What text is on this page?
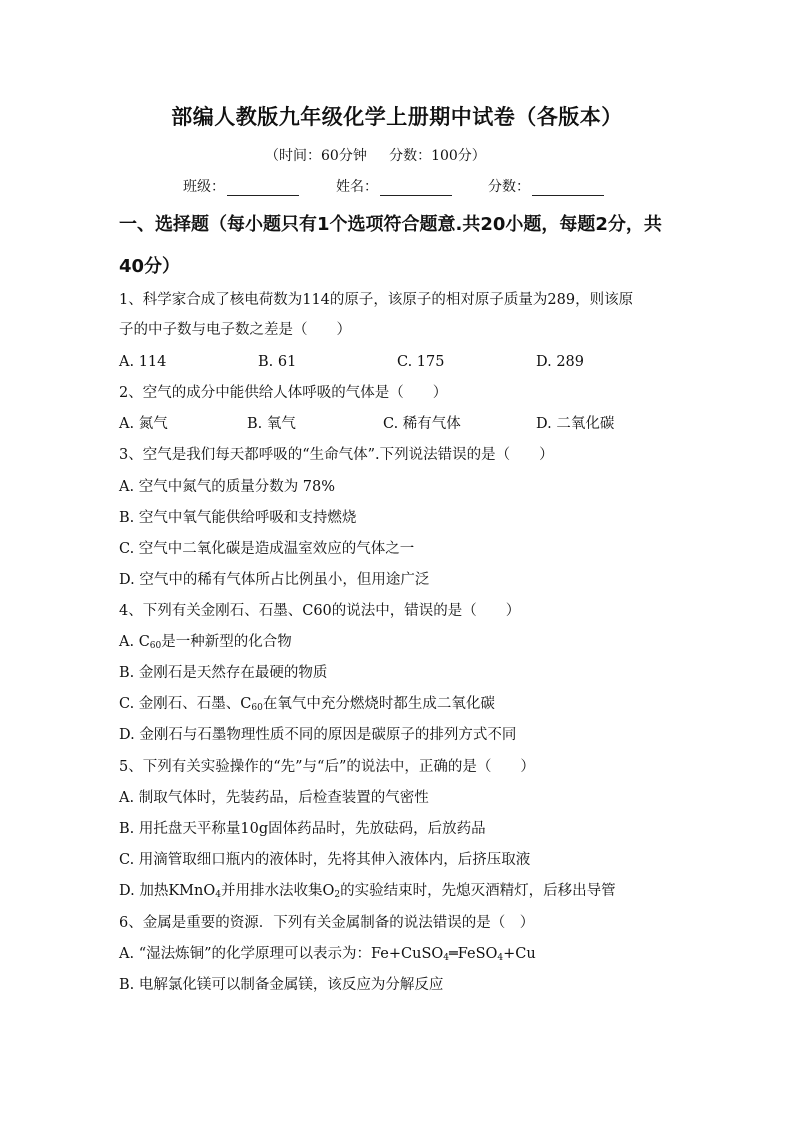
部编人教版九年级化学上册期中试卷（各版本）
（时间：60分钟     分数：100分）
班级：	姓名：	分数：
一、选择题（每小题只有1个选项符合题意.共20小题，每题2分，共
40分）
1、科学家合成了核电荷数为114的原子，该原子的相对原子质量为289，则该原
子的中子数与电子数之差是（　　）
A. 114	B. 61	C. 175	D. 289
2、空气的成分中能供给人体呼吸的气体是（　　）
A. 氮气	B. 氧气	C. 稀有气体	D. 二氧化碳
3、空气是我们每天都呼吸的“生命气体”.下列说法错误的是（　　）
A. 空气中氮气的质量分数为 78%
B. 空气中氧气能供给呼吸和支持燃烧
C. 空气中二氧化碳是造成温室效应的气体之一
D. 空气中的稀有气体所占比例虽小，但用途广泛
4、下列有关金刚石、石墨、C60的说法中，错误的是（　　）
A. $C_{60}$是一种新型的化合物
B. 金刚石是天然存在最硬的物质
C. 金刚石、石墨、$C_{60}$在氧气中充分燃烧时都生成二氧化碳
D. 金刚石与石墨物理性质不同的原因是碳原子的排列方式不同
5、下列有关实验操作的“先”与“后”的说法中，正确的是（　　）
A. 制取气体时，先装药品，后检查装置的气密性
B. 用托盘天平称量10g固体药品时，先放砝码，后放药品
C. 用滴管取细口瓶内的液体时，先将其伸入液体内，后挤压取液
D. 加热KMnO$_4$并用排水法收集$O_2$的实验结束时，先熄灭酒精灯，后移出导管
6、金属是重要的资源．下列有关金属制备的说法错误的是（　）
A. “湿法炼铜”的化学原理可以表示为：Fe+CuSO$_4$═FeSO$_4$+Cu
B. 电解氯化镁可以制备金属镁，该反应为分解反应
